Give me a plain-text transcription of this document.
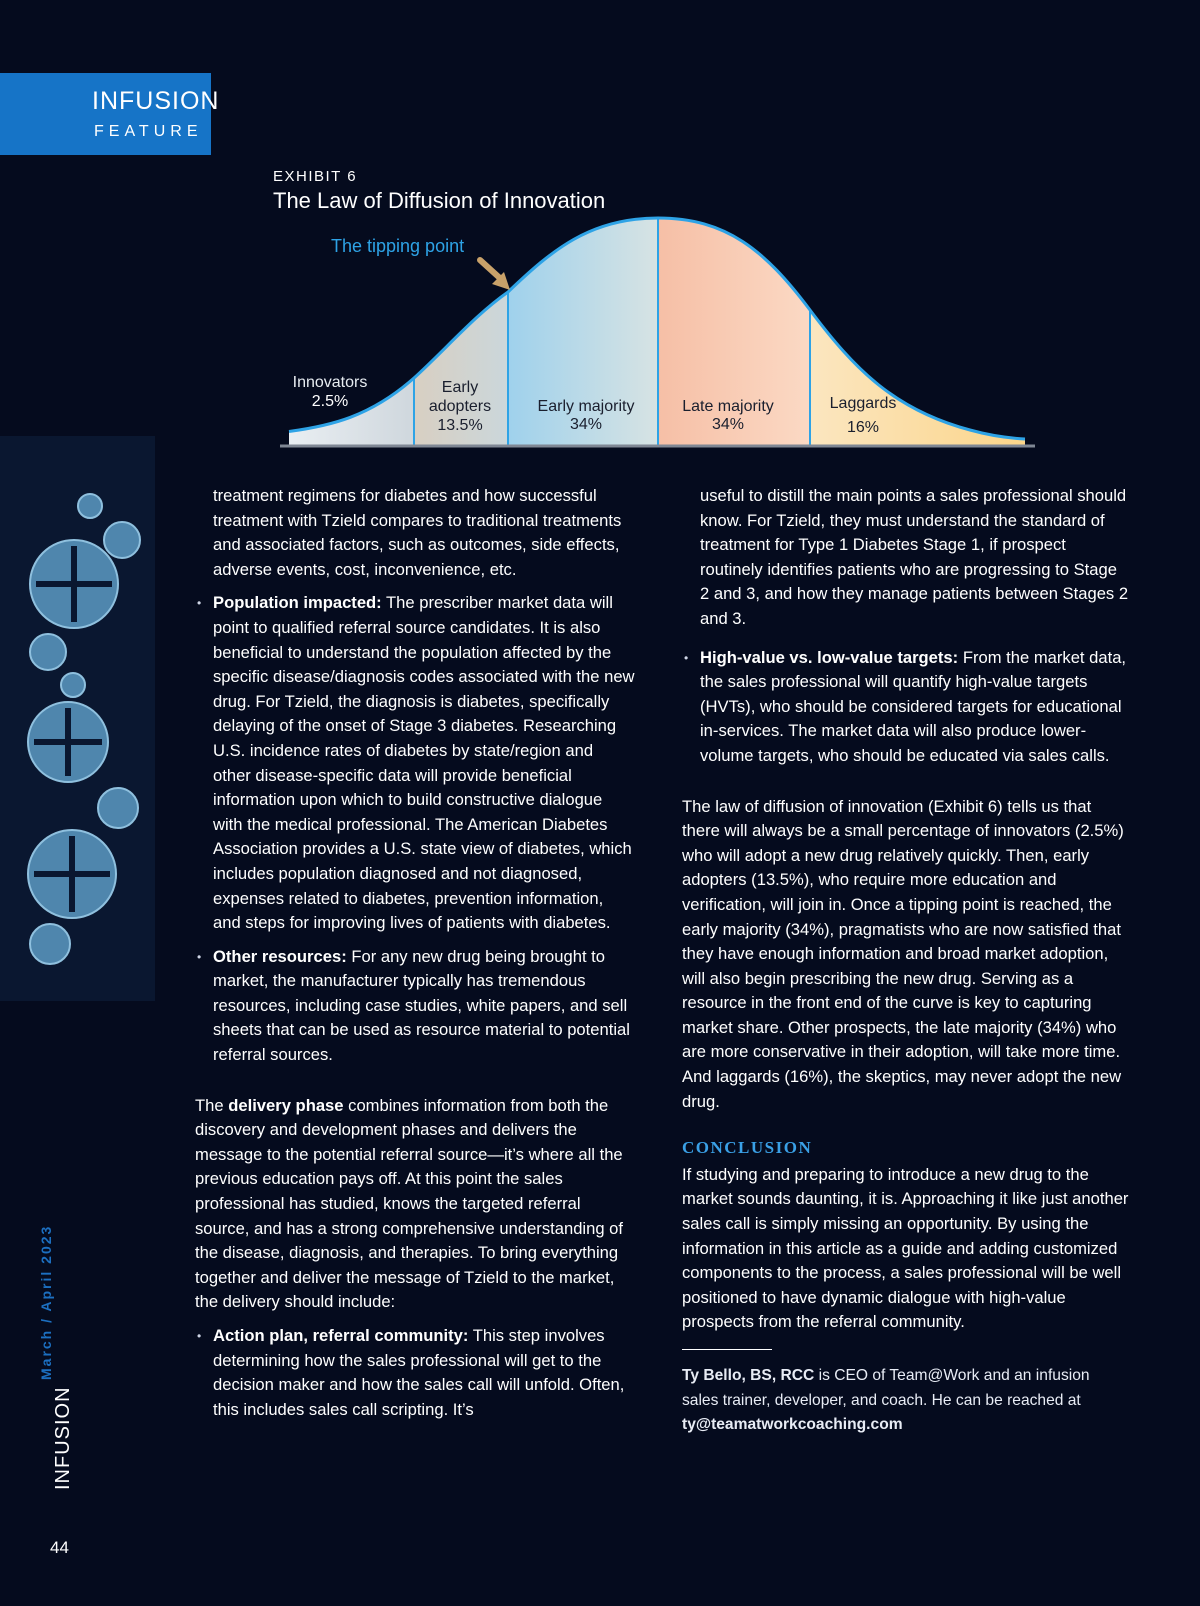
INFUSION
FEATURE
EXHIBIT 6
The Law of Diffusion of Innovation
The tipping point
Innovators
2.5%
Early
adopters
13.5%
Early majority
34%
Late majority
34%
Laggards
16%

treatment regimens for diabetes and how successful treatment with Tzield compares to traditional treatments and associated factors, such as outcomes, side effects, adverse events, cost, inconvenience, etc.

• Population impacted: The prescriber market data will point to qualified referral source candidates. It is also beneficial to understand the population affected by the specific disease/diagnosis codes associated with the new drug. For Tzield, the diagnosis is diabetes, specifically delaying of the onset of Stage 3 diabetes. Researching U.S. incidence rates of diabetes by state/region and other disease-specific data will provide beneficial information upon which to build constructive dialogue with the medical professional. The American Diabetes Association provides a U.S. state view of diabetes, which includes population diagnosed and not diagnosed, expenses related to diabetes, prevention information, and steps for improving lives of patients with diabetes.
• Other resources: For any new drug being brought to market, the manufacturer typically has tremendous resources, including case studies, white papers, and sell sheets that can be used as resource material to potential referral sources.

The delivery phase combines information from both the discovery and development phases and delivers the message to the potential referral source—it’s where all the previous education pays off. At this point the sales professional has studied, knows the targeted referral source, and has a strong comprehensive understanding of the disease, diagnosis, and therapies. To bring everything together and deliver the message of Tzield to the market, the delivery should include:

• Action plan, referral community: This step involves determining how the sales professional will get to the decision maker and how the sales call will unfold. Often, this includes sales call scripting. It’s

useful to distill the main points a sales professional should know. For Tzield, they must understand the standard of treatment for Type 1 Diabetes Stage 1, if prospect routinely identifies patients who are progressing to Stage 2 and 3, and how they manage patients between Stages 2 and 3.

• High-value vs. low-value targets: From the market data, the sales professional will quantify high-value targets (HVTs), who should be considered targets for educational in-services. The market data will also produce lower-volume targets, who should be educated via sales calls.

The law of diffusion of innovation (Exhibit 6) tells us that there will always be a small percentage of innovators (2.5%) who will adopt a new drug relatively quickly. Then, early adopters (13.5%), who require more education and verification, will join in. Once a tipping point is reached, the early majority (34%), pragmatists who are now satisfied that they have enough information and broad market adoption, will also begin prescribing the new drug. Serving as a resource in the front end of the curve is key to capturing market share. Other prospects, the late majority (34%) who are more conservative in their adoption, will take more time. And laggards (16%), the skeptics, may never adopt the new drug.

CONCLUSION

If studying and preparing to introduce a new drug to the market sounds daunting, it is. Approaching it like just another sales call is simply missing an opportunity. By using the information in this article as a guide and adding customized components to the process, a sales professional will be well positioned to have dynamic dialogue with high-value prospects from the referral community.

Ty Bello, BS, RCC is CEO of Team@Work and an infusion sales trainer, developer, and coach. He can be reached at ty@teamatworkcoaching.com

March / April 2023
INFUSION
44
